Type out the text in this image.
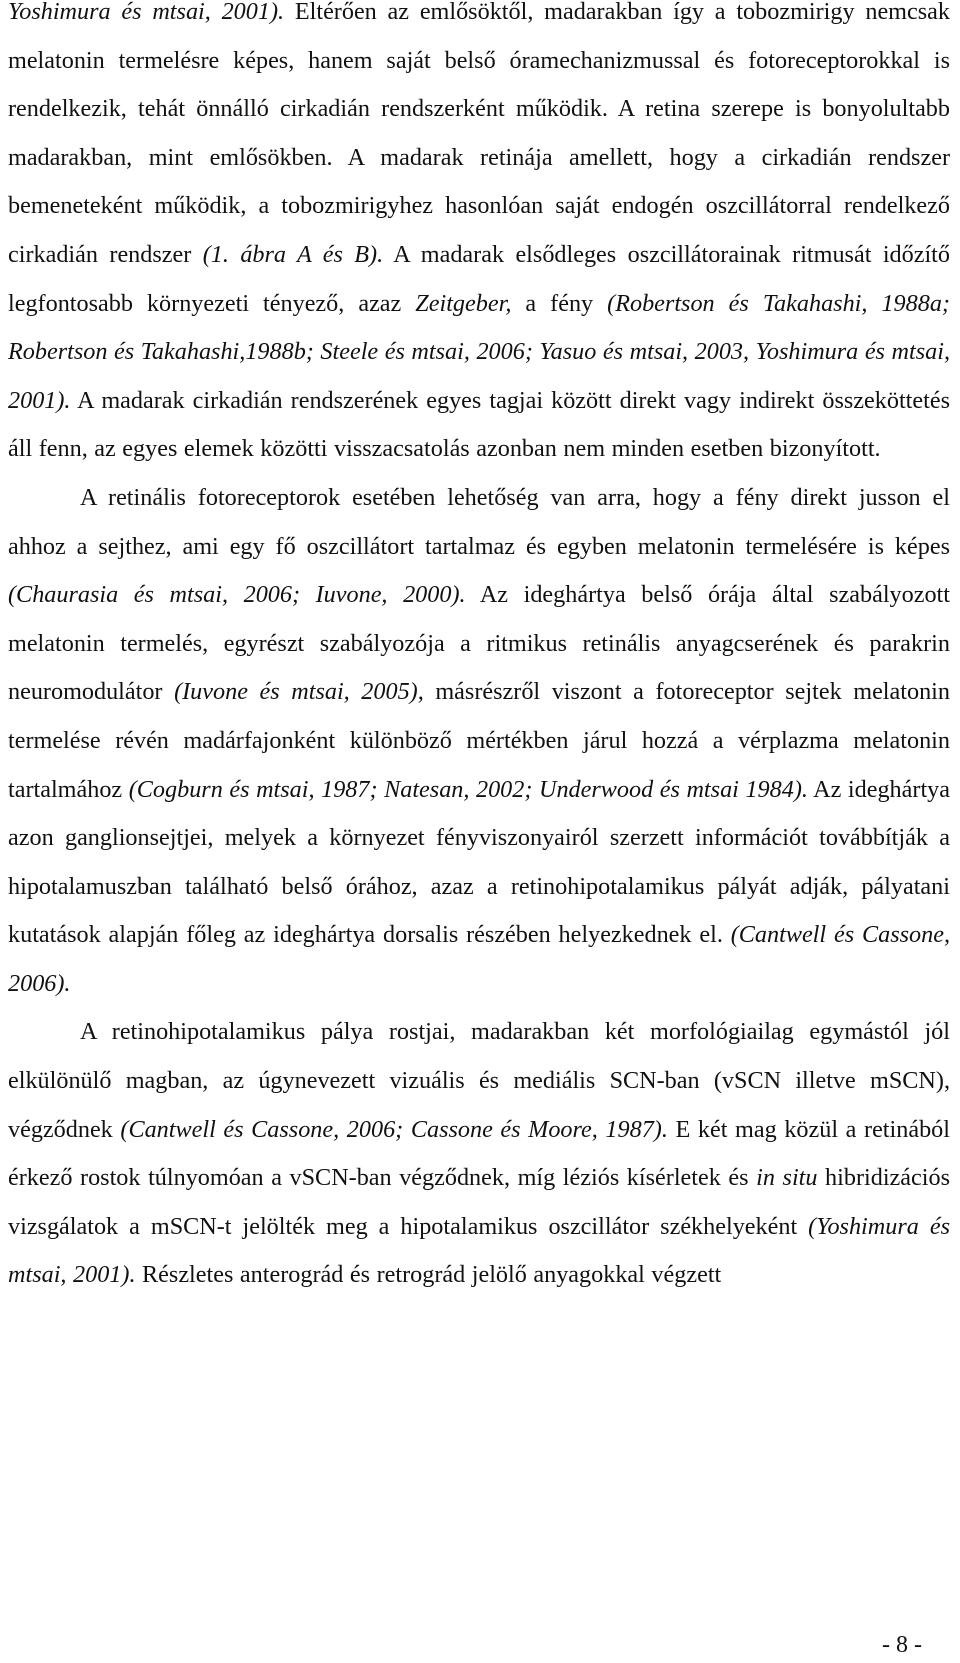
Yoshimura és mtsai, 2001). Eltérően az emlősöktől, madarakban így a tobozmirigy nemcsak melatonin termelésre képes, hanem saját belső óramechanizmussal és fotoreceptorokkal is rendelkezik, tehát önnálló cirkadián rendszerként működik. A retina szerepe is bonyolultabb madarakban, mint emlősökben. A madarak retinája amellett, hogy a cirkadián rendszer bemeneteként működik, a tobozmirigyhez hasonlóan saját endogén oszcillátorral rendelkező cirkadián rendszer (1. ábra A és B). A madarak elsődleges oszcillátorainak ritmusát időzítő legfontosabb környezeti tényező, azaz Zeitgeber, a fény (Robertson és Takahashi, 1988a; Robertson és Takahashi,1988b; Steele és mtsai, 2006; Yasuo és mtsai, 2003, Yoshimura és mtsai, 2001). A madarak cirkadián rendszerének egyes tagjai között direkt vagy indirekt összeköttetés áll fenn, az egyes elemek közötti visszacsatolás azonban nem minden esetben bizonyított.

A retinális fotoreceptorok esetében lehetőség van arra, hogy a fény direkt jusson el ahhoz a sejthez, ami egy fő oszcillátort tartalmaz és egyben melatonin termelésére is képes (Chaurasia és mtsai, 2006; Iuvone, 2000). Az ideghártya belső órája által szabályozott melatonin termelés, egyrészt szabályozója a ritmikus retinális anyagcserének és parakrin neuromodulátor (Iuvone és mtsai, 2005), másrészről viszont a fotoreceptor sejtek melatonin termelése révén madárfajonként különböző mértékben járul hozzá a vérplazma melatonin tartalmához (Cogburn és mtsai, 1987; Natesan, 2002; Underwood és mtsai 1984). Az ideghártya azon ganglionsejtjei, melyek a környezet fényviszonyairól szerzett információt továbbítják a hipotalamuszban található belső órához, azaz a retinohipotalamikus pályát adják, pályatani kutatások alapján főleg az ideghártya dorsalis részében helyezkednek el. (Cantwell és Cassone, 2006).

A retinohipotalamikus pálya rostjai, madarakban két morfológiailag egymástól jól elkülönülő magban, az úgynevezett vizuális és mediális SCN-ban (vSCN illetve mSCN), végződnek (Cantwell és Cassone, 2006; Cassone és Moore, 1987). E két mag közül a retinából érkező rostok túlnyomóan a vSCN-ban végződnek, míg léziós kísérletek és in situ hibridizációs vizsgálatok a mSCN-t jelölték meg a hipotalamikus oszcillátor székhelyeként (Yoshimura és mtsai, 2001). Részletes anterográd és retrográd jelölő anyagokkal végzett

- 8 -
